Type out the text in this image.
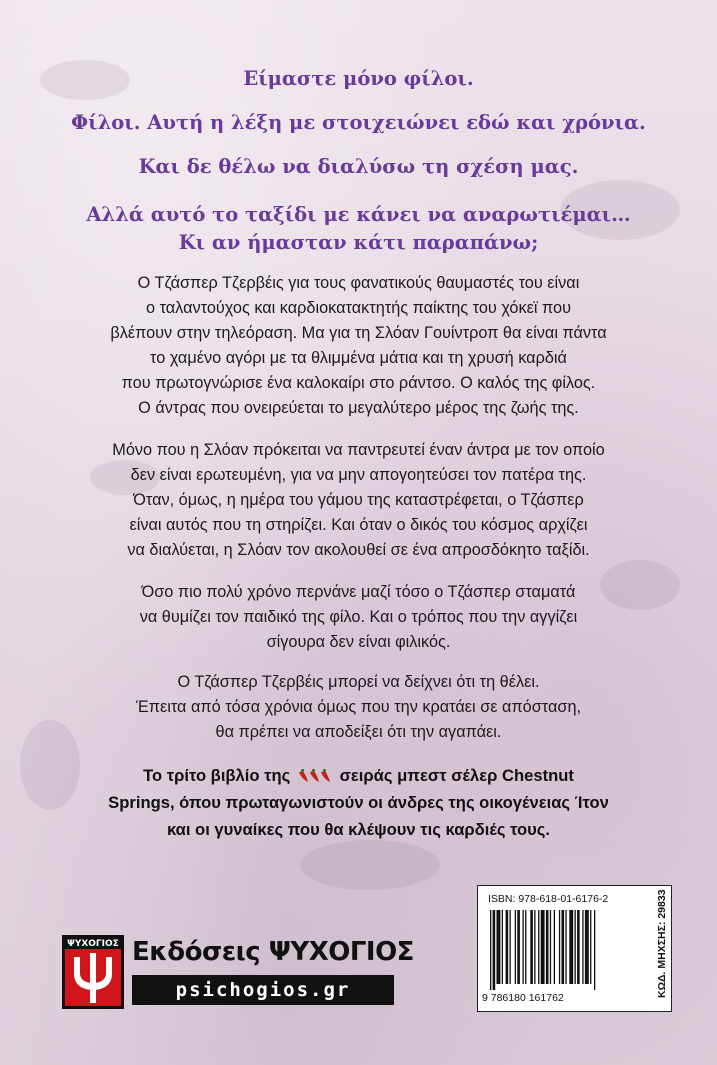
Είμαστε μόνο φίλοι.

Φίλοι. Αυτή η λέξη με στοιχειώνει εδώ και χρόνια.

Και δε θέλω να διαλύσω τη σχέση μας.

Αλλά αυτό το ταξίδι με κάνει να αναρωτιέμαι…

Κι αν ήμασταν κάτι παραπάνω;

Ο Τζάσπερ Τζερβέις για τους φανατικούς θαυμαστές του είναι
ο ταλαντούχος και καρδιοκατακτητής παίκτης του χόκεϊ που
βλέπουν στην τηλεόραση. Μα για τη Σλόαν Γουίντροπ θα είναι πάντα
το χαμένο αγόρι με τα θλιμμένα μάτια και τη χρυσή καρδιά
που πρωτογνώρισε ένα καλοκαίρι στο ράντσο. Ο καλός της φίλος.
Ο άντρας που ονειρεύεται το μεγαλύτερο μέρος της ζωής της.
Μόνο που η Σλόαν πρόκειται να παντρευτεί έναν άντρα με τον οποίο
δεν είναι ερωτευμένη, για να μην απογοητεύσει τον πατέρα της.
Όταν, όμως, η ημέρα του γάμου της καταστρέφεται, ο Τζάσπερ
είναι αυτός που τη στηρίζει. Και όταν ο δικός του κόσμος αρχίζει
να διαλύεται, η Σλόαν τον ακολουθεί σε ένα απροσδόκητο ταξίδι.
Όσο πιο πολύ χρόνο περνάνε μαζί τόσο ο Τζάσπερ σταματά
να θυμίζει τον παιδικό της φίλο. Και ο τρόπος που την αγγίζει
σίγουρα δεν είναι φιλικός.
Ο Τζάσπερ Τζερβέις μπορεί να δείχνει ότι τη θέλει.
Έπειτα από τόσα χρόνια όμως που την κρατάει σε απόσταση,
θα πρέπει να αποδείξει ότι την αγαπάει.
Το τρίτο βιβλίο της	σειράς μπεστ σέλερ Chestnut
Springs, όπου πρωταγωνιστούν οι άνδρες της οικογένειας Ίτον
και οι γυναίκες που θα κλέψουν τις καρδιές τους.
ΨΥΧΟΓΙΟΣ Εκδόσεις ΨΥΧΟΓΙΟΣ
psichogios.gr

ISBN: 978-618-01-6176-2

9 786180 161762	ΚΩΔ. ΜΗΧΣΗΣ: 29833
